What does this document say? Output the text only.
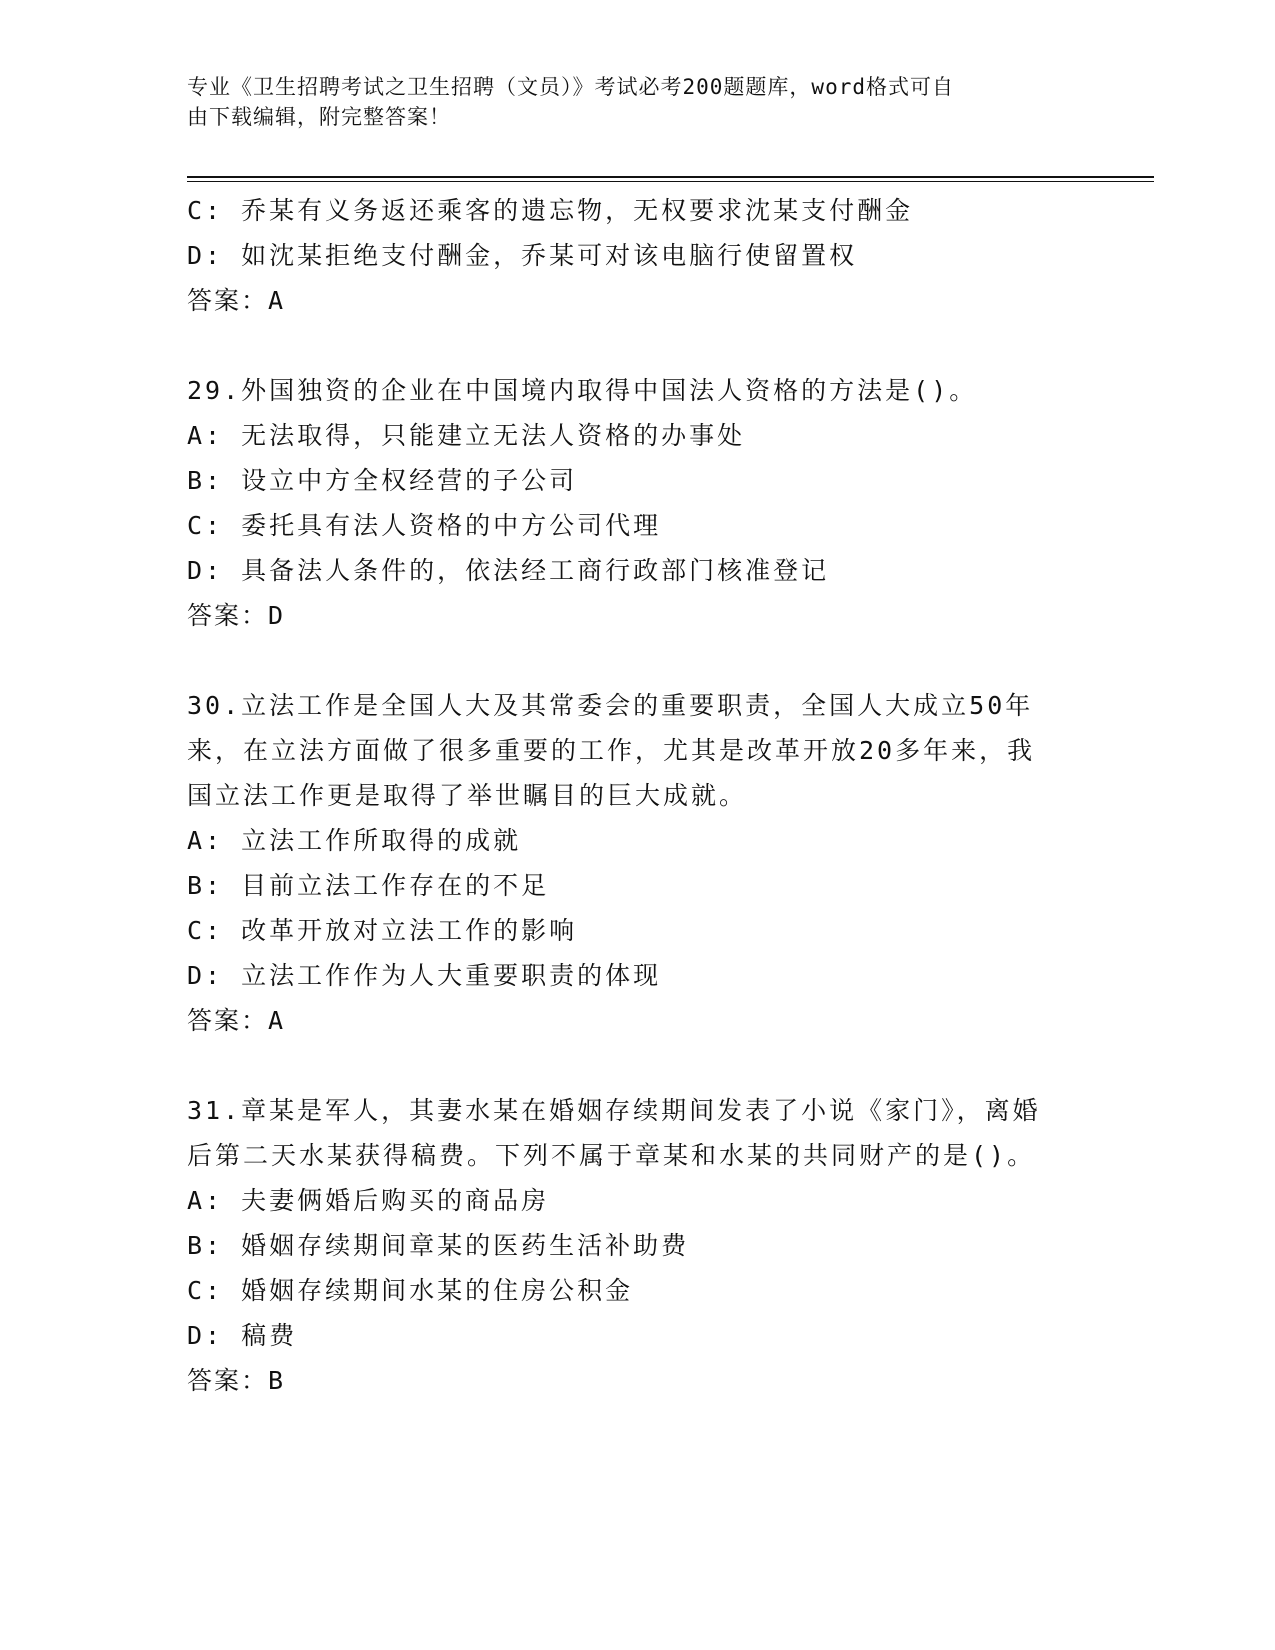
专业《卫生招聘考试之卫生招聘（文员）》考试必考200题题库，word格式可自
由下载编辑，附完整答案！
C: 乔某有义务返还乘客的遗忘物，无权要求沈某支付酬金
D: 如沈某拒绝支付酬金，乔某可对该电脑行使留置权
答案：A
29.外国独资的企业在中国境内取得中国法人资格的方法是()。
A: 无法取得，只能建立无法人资格的办事处
B: 设立中方全权经营的子公司
C: 委托具有法人资格的中方公司代理
D: 具备法人条件的，依法经工商行政部门核准登记
答案：D
30.立法工作是全国人大及其常委会的重要职责，全国人大成立50年
来，在立法方面做了很多重要的工作，尤其是改革开放20多年来，我
国立法工作更是取得了举世瞩目的巨大成就。
A: 立法工作所取得的成就
B: 目前立法工作存在的不足
C: 改革开放对立法工作的影响
D: 立法工作作为人大重要职责的体现
答案：A
31.章某是军人，其妻水某在婚姻存续期间发表了小说《家门》，离婚
后第二天水某获得稿费。下列不属于章某和水某的共同财产的是()。
A: 夫妻俩婚后购买的商品房
B: 婚姻存续期间章某的医药生活补助费
C: 婚姻存续期间水某的住房公积金
D: 稿费
答案：B
